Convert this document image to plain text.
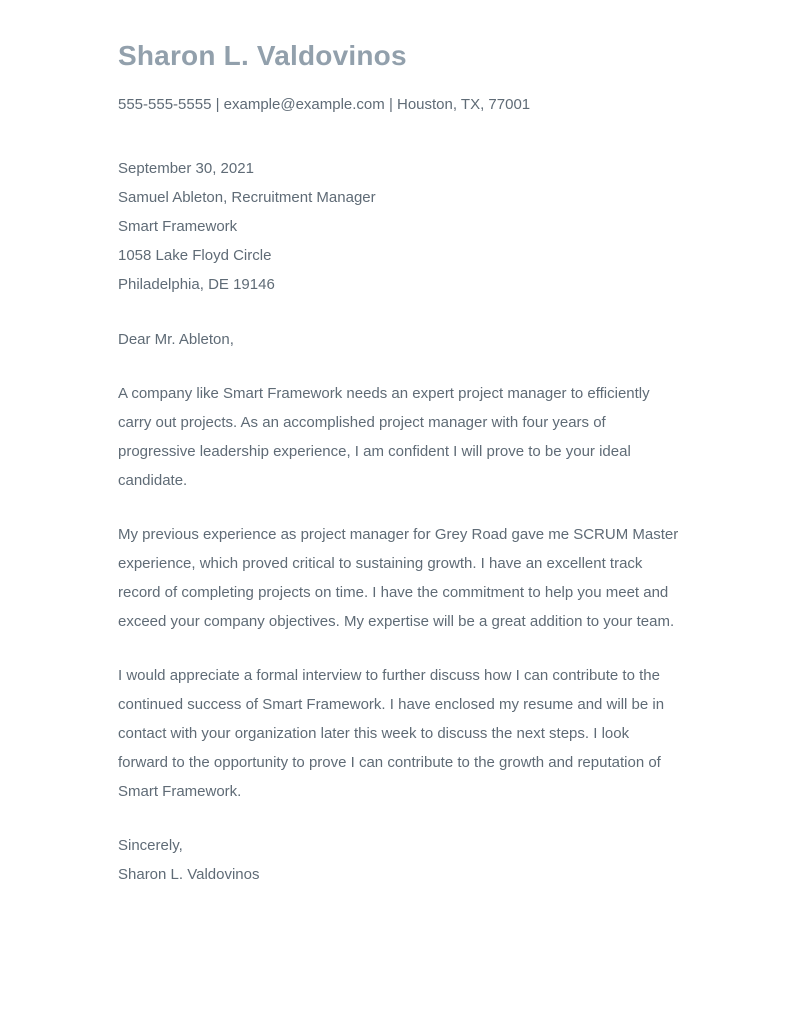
Sharon L. Valdovinos
555-555-5555 | example@example.com | Houston, TX, 77001
September 30, 2021
Samuel Ableton, Recruitment Manager
Smart Framework
1058 Lake Floyd Circle
Philadelphia, DE 19146

Dear Mr. Ableton,

A company like Smart Framework needs an expert project manager to efficiently carry out projects. As an accomplished project manager with four years of progressive leadership experience, I am confident I will prove to be your ideal candidate.

My previous experience as project manager for Grey Road gave me SCRUM Master experience, which proved critical to sustaining growth. I have an excellent track record of completing projects on time. I have the commitment to help you meet and exceed your company objectives. My expertise will be a great addition to your team.

I would appreciate a formal interview to further discuss how I can contribute to the continued success of Smart Framework. I have enclosed my resume and will be in contact with your organization later this week to discuss the next steps. I look forward to the opportunity to prove I can contribute to the growth and reputation of Smart Framework.

Sincerely,
Sharon L. Valdovinos
